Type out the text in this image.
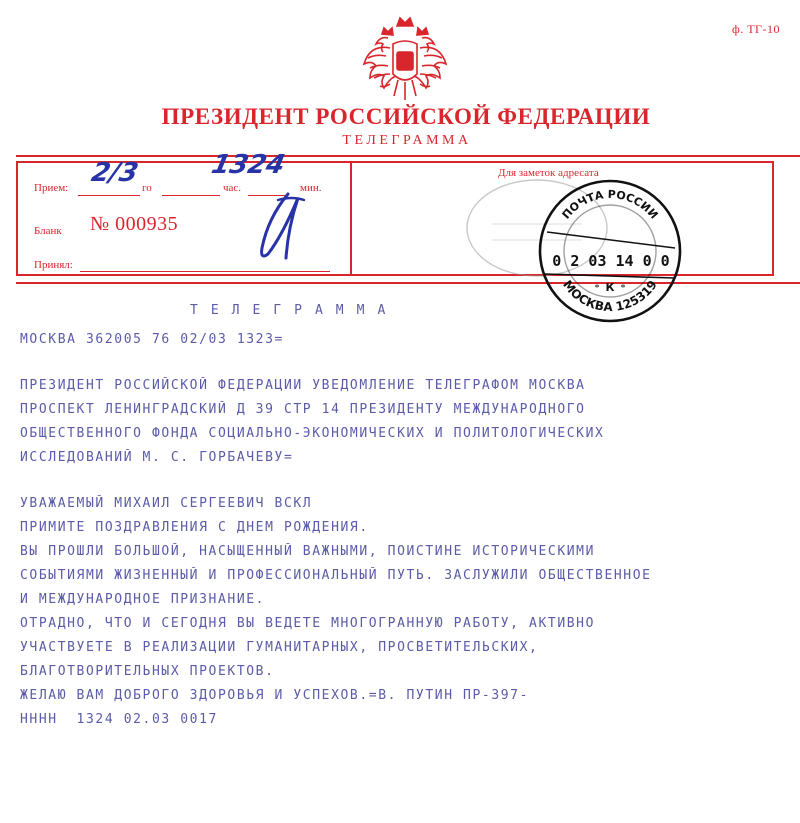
ф. ТГ-10
ПРЕЗИДЕНТ РОССИЙСКОЙ ФЕДЕРАЦИИ
ТЕЛЕГРАММА
Прием:	го	час.	мин.
Бланк № 000935
Принял:
Для заметок адресата
2/3	1324
ПОЧТА РОССИИ
0 2 03 14 0 0
К
* *
МОСКВА 125319
ТЕЛЕГРАММА
МОСКВА 362005 76 02/03 1323=
ПРЕЗИДЕНТ РОССИЙСКОЙ ФЕДЕРАЦИИ УВЕДОМЛЕНИЕ ТЕЛЕГРАФОМ МОСКВА
ПРОСПЕКТ ЛЕНИНГРАДСКИЙ Д 39 СТР 14 ПРЕЗИДЕНТУ МЕЖДУНАРОДНОГО
ОБЩЕСТВЕННОГО ФОНДА СОЦИАЛЬНО-ЭКОНОМИЧЕСКИХ И ПОЛИТОЛОГИЧЕСКИХ
ИССЛЕДОВАНИЙ М. С. ГОРБАЧЕВУ=
УВАЖАЕМЫЙ МИХАИЛ СЕРГЕЕВИЧ ВСКЛ
ПРИМИТЕ ПОЗДРАВЛЕНИЯ С ДНЕМ РОЖДЕНИЯ.
ВЫ ПРОШЛИ БОЛЬШОЙ, НАСЫЩЕННЫЙ ВАЖНЫМИ, ПОИСТИНЕ ИСТОРИЧЕСКИМИ
СОБЫТИЯМИ ЖИЗНЕННЫЙ И ПРОФЕССИОНАЛЬНЫЙ ПУТЬ. ЗАСЛУЖИЛИ ОБЩЕСТВЕННОЕ
И МЕЖДУНАРОДНОЕ ПРИЗНАНИЕ.
ОТРАДНО, ЧТО И СЕГОДНЯ ВЫ ВЕДЕТЕ МНОГОГРАННУЮ РАБОТУ, АКТИВНО
УЧАСТВУЕТЕ В РЕАЛИЗАЦИИ ГУМАНИТАРНЫХ, ПРОСВЕТИТЕЛЬСКИХ,
БЛАГОТВОРИТЕЛЬНЫХ ПРОЕКТОВ.
ЖЕЛАЮ ВАМ ДОБРОГО ЗДОРОВЬЯ И УСПЕХОВ.=В. ПУТИН ПР-397-
НННН  1324 02.03 0017
